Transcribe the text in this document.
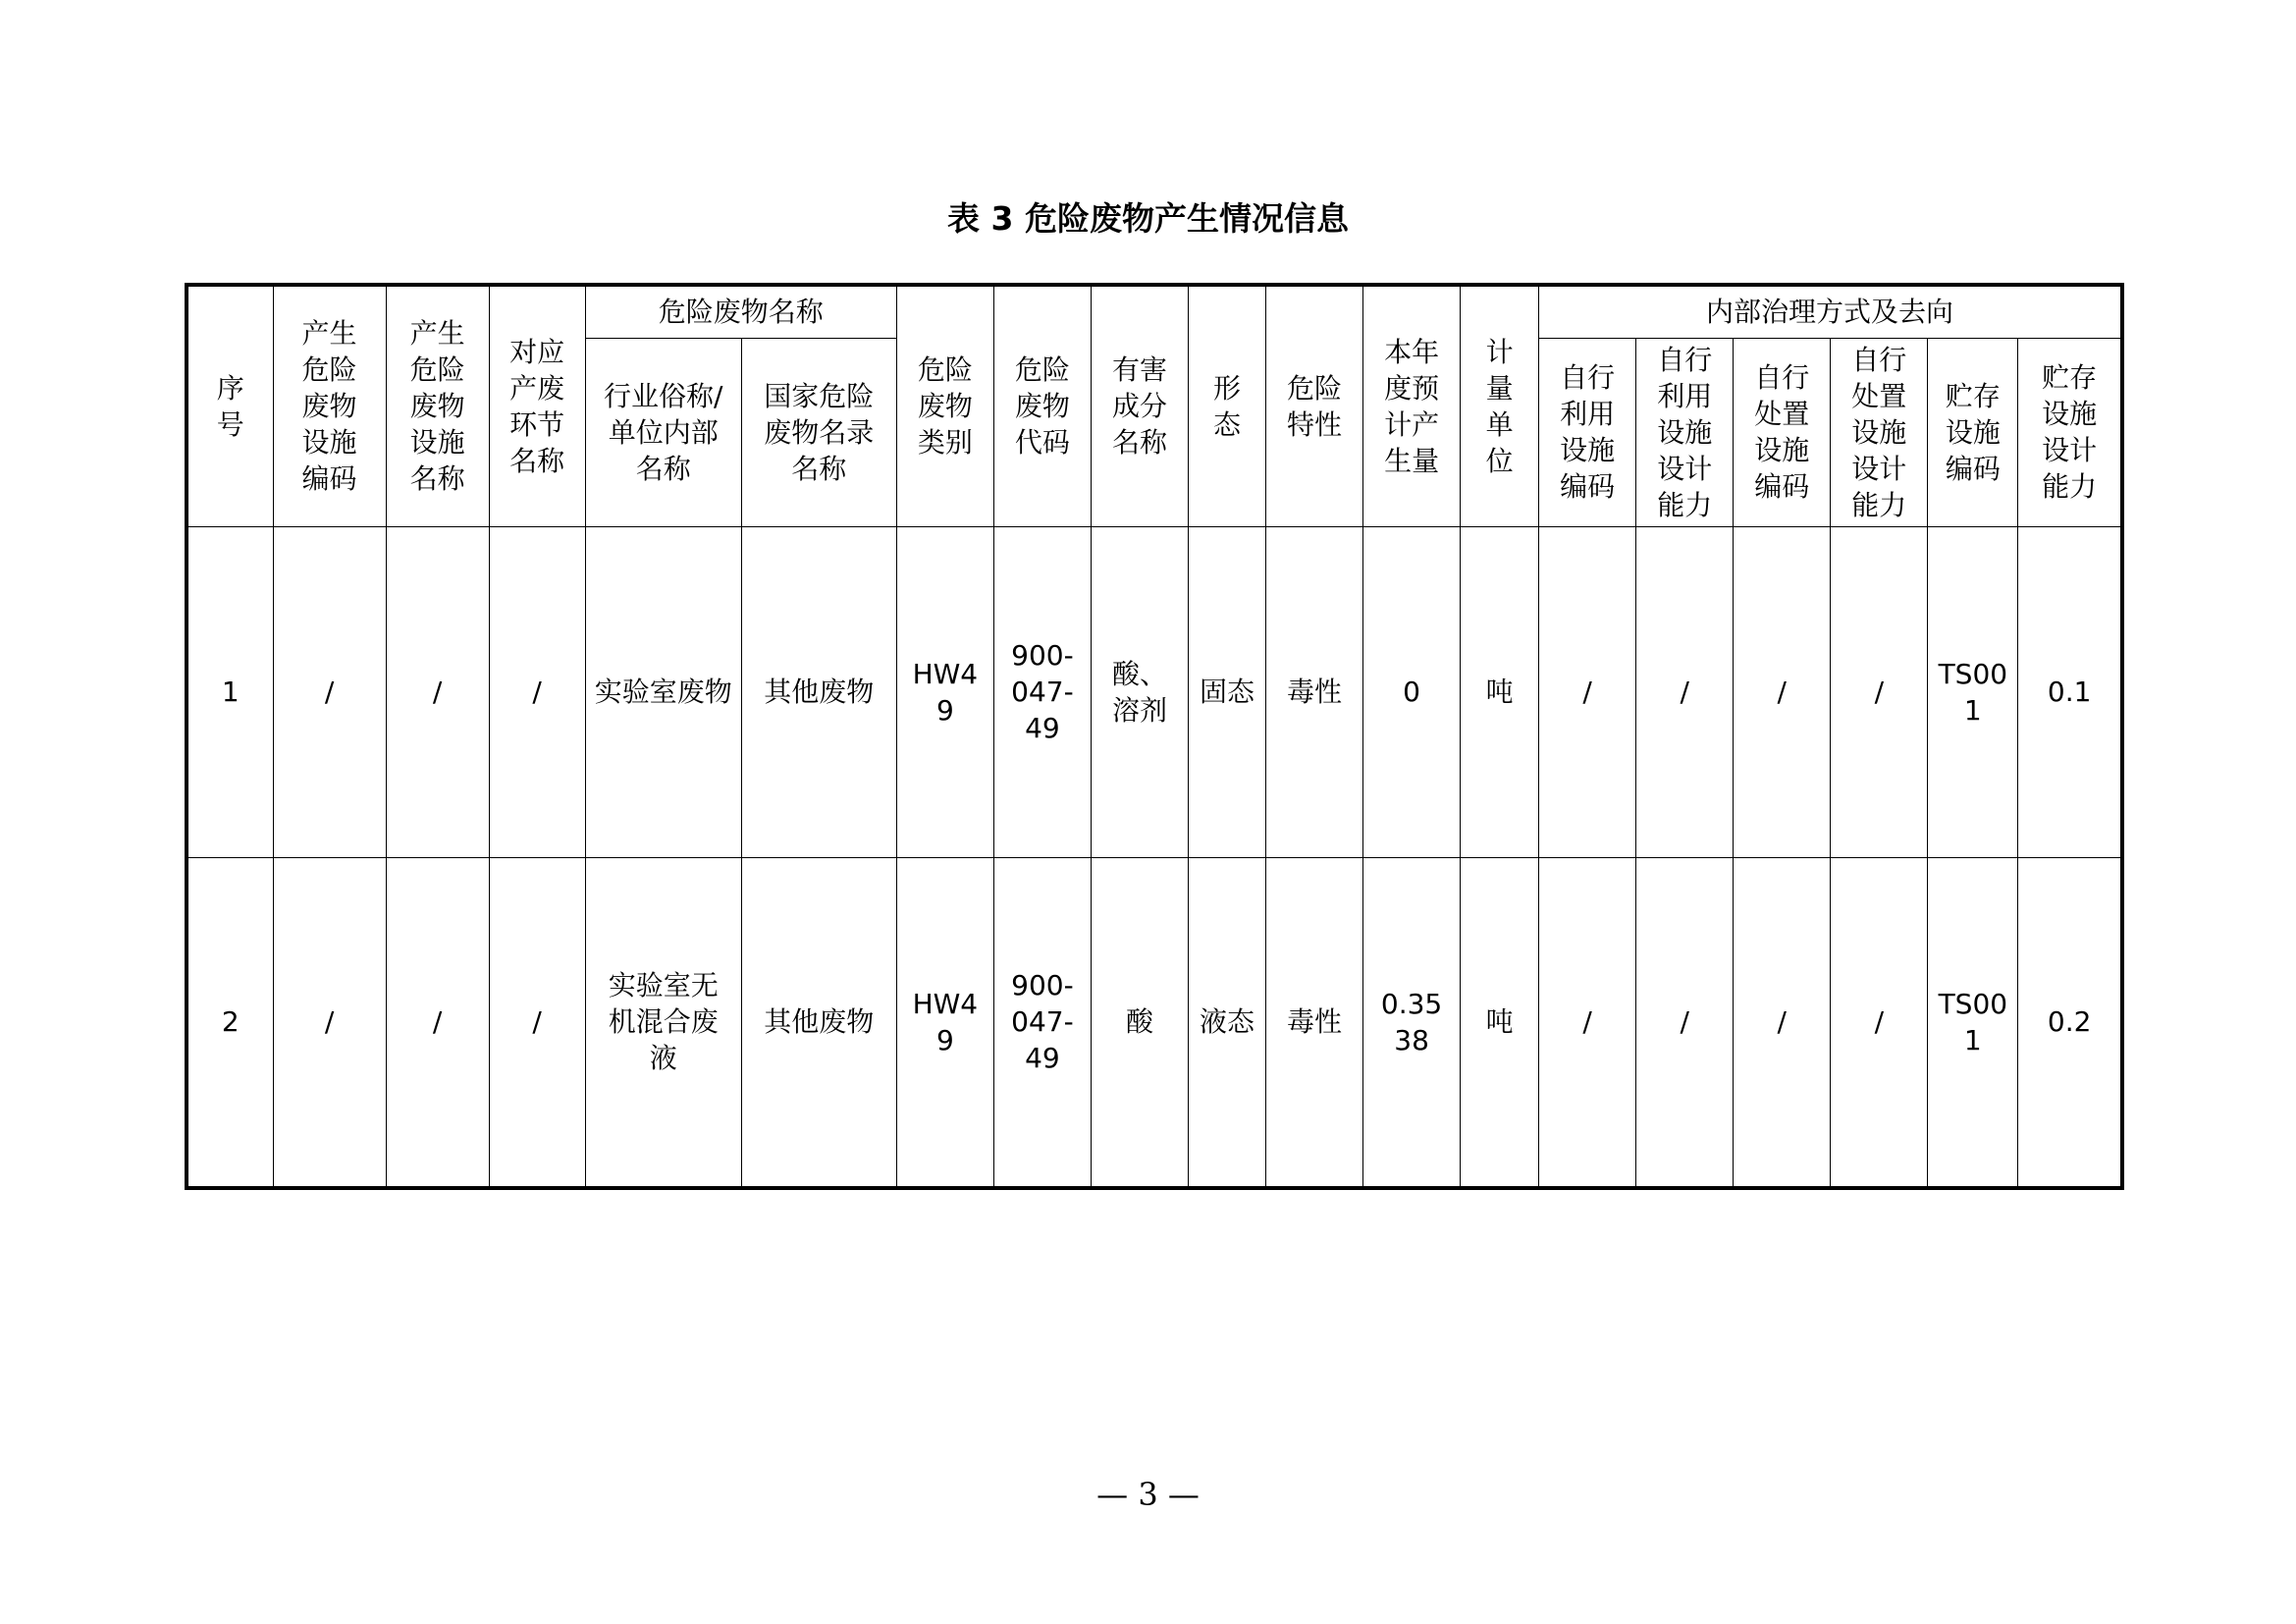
表 3 危险废物产生情况信息
序
号	产生
危险
废物
设施
编码	产生
危险
废物
设施
名称	对应
产废
环节
名称	危险废物名称		危险
废物
类别	危险
废物
代码	有害
成分
名称	形
态	危险
特性	本年
度预
计产
生量	计
量
单
位	内部治理方式及去向					
				行业俗称/
单位内部
名称	国家危险
废物名录
名称								自行
利用
设施
编码	自行
利用
设施
设计
能力	自行
处置
设施
编码	自行
处置
设施
设计
能力	贮存
设施
编码	贮存
设施
设计
能力
1	/	/	/	实验室废物	其他废物	HW49	900-047-49	酸、溶剂	固态	毒性	0	吨	/	/	/	/	TS001	0.1
2	/	/	/	实验室无机混合废液	其他废物	HW49	900-047-49	酸	液态	毒性	0.3538	吨	/	/	/	/	TS001	0.2
— 3 —
